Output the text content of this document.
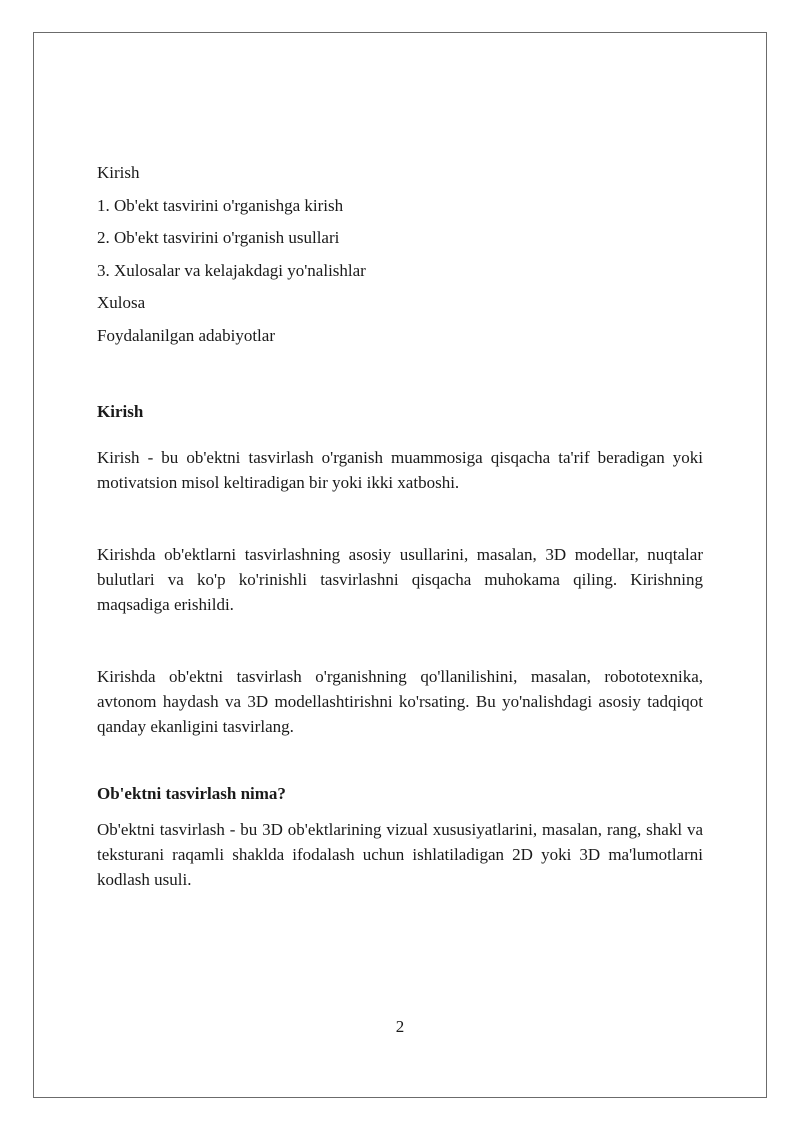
Kirish
1. Ob'ekt tasvirini o'rganishga kirish
2. Ob'ekt tasvirini o'rganish usullari
3. Xulosalar va kelajakdagi yo'nalishlar
Xulosa
Foydalanilgan adabiyotlar
Kirish

Kirish - bu ob'ektni tasvirlash o'rganish muammosiga qisqacha ta'rif beradigan yoki motivatsion misol keltiradigan bir yoki ikki xatboshi.

Kirishda ob'ektlarni tasvirlashning asosiy usullarini, masalan, 3D modellar, nuqtalar bulutlari va ko'p ko'rinishli tasvirlashni qisqacha muhokama qiling. Kirishning maqsadiga erishildi.

Kirishda ob'ektni tasvirlash o'rganishning qo'llanilishini, masalan, robototexnika, avtonom haydash va 3D modellashtirishni ko'rsating. Bu yo'nalishdagi asosiy tadqiqot qanday ekanligini tasvirlang.

Ob'ektni tasvirlash nima?

Ob'ektni tasvirlash - bu 3D ob'ektlarining vizual xususiyatlarini, masalan, rang, shakl va teksturani raqamli shaklda ifodalash uchun ishlatiladigan 2D yoki 3D ma'lumotlarni kodlash usuli.

2
